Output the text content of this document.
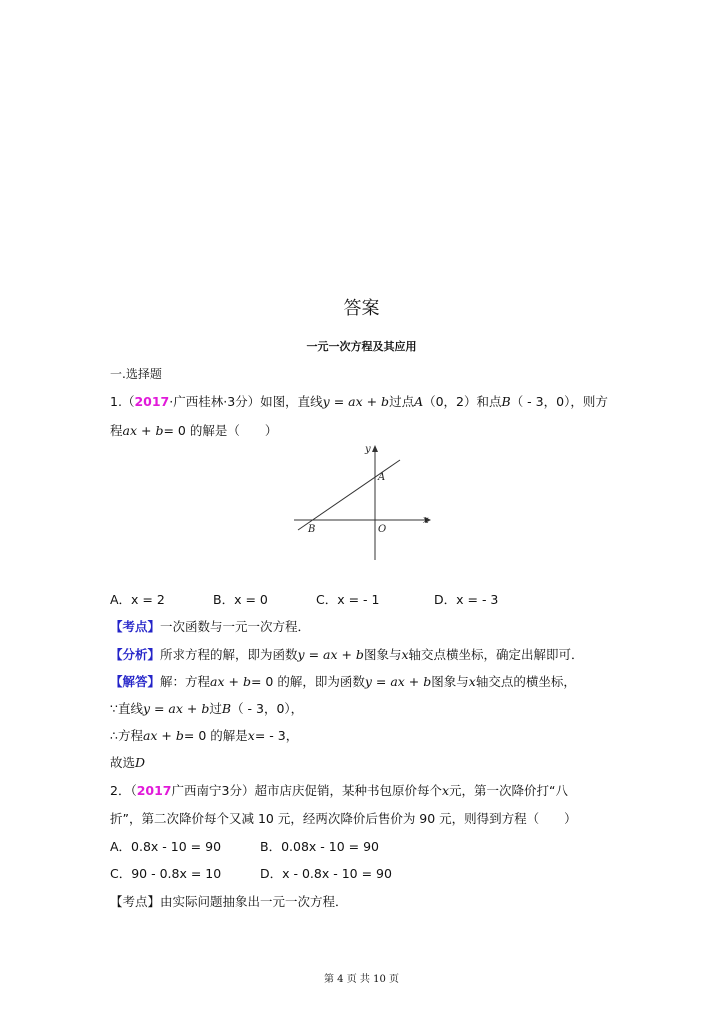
答案
一元一次方程及其应用
一.选择题
1.（2017·广西桂林·3分）如图，直线y = ax + b过点A（0，2）和点B（ - 3，0），则方
程ax + b= 0 的解是（　　）
y
x
A
B	O
A．x = 2	B．x = 0	C．x = - 1	D．x = - 3
【考点】一次函数与一元一次方程．
【分析】所求方程的解，即为函数y = ax + b图象与x轴交点横坐标，确定出解即可．
【解答】解：方程ax + b= 0 的解，即为函数y = ax + b图象与x轴交点的横坐标，
∵直线y = ax + b过B（ - 3，0），
∴方程ax + b= 0 的解是x= - 3，
故选D
2．（2017广西南宁3分）超市店庆促销，某种书包原价每个x元，第一次降价打“八
折”，第二次降价每个又减 10 元，经两次降价后售价为 90 元，则得到方程（　　）
A．0.8x - 10 = 90	B．0.08x - 10 = 90
C．90 - 0.8x = 10	D．x - 0.8x - 10 = 90
【考点】由实际问题抽象出一元一次方程．
第 4 页 共 10 页
